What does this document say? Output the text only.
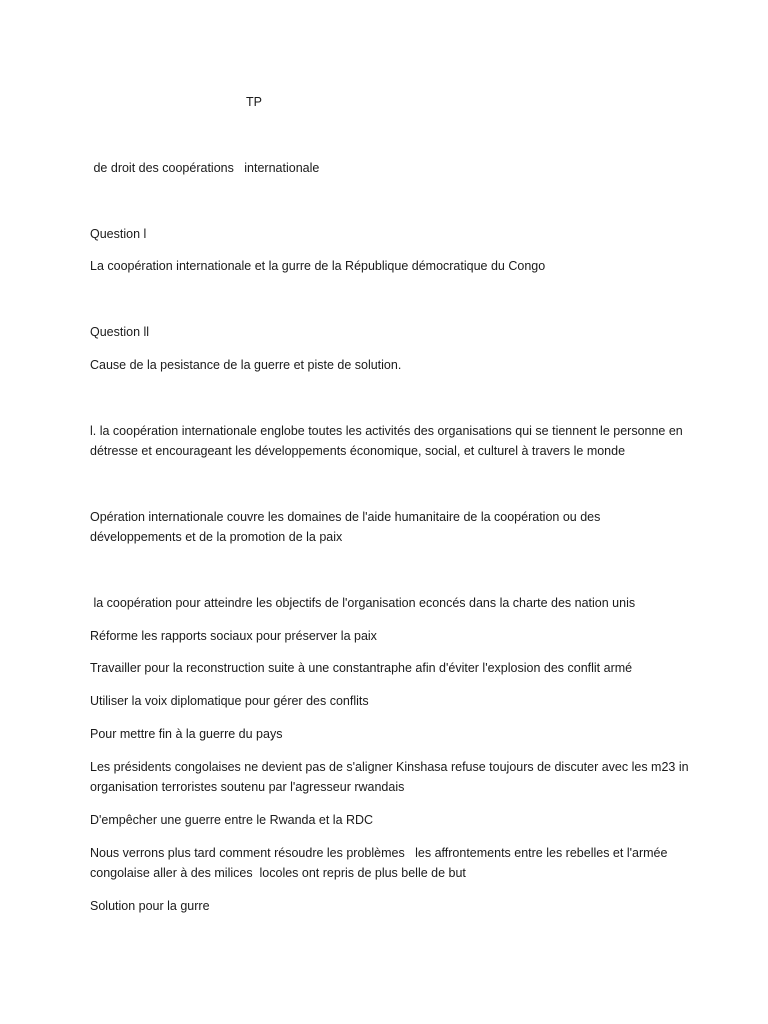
TP

de droit des coopérations   internationale

Question l

La coopération internationale et la gurre de la République démocratique du Congo

Question ll

Cause de la pesistance de la guerre et piste de solution.

l. la coopération internationale englobe toutes les activités des organisations qui se tiennent le personne en détresse et encourageant les développements économique, social, et culturel à travers le monde

Opération internationale couvre les domaines de l'aide humanitaire de la coopération ou des développements et de la promotion de la paix

la coopération pour atteindre les objectifs de l'organisation econcés dans la charte des nation unis

Réforme les rapports sociaux pour préserver la paix

Travailler pour la reconstruction suite à une constantraphe afin d'éviter l'explosion des conflit armé

Utiliser la voix diplomatique pour gérer des conflits

Pour mettre fin à la guerre du pays

Les présidents congolaises ne devient pas de s'aligner Kinshasa refuse toujours de discuter avec les m23 in organisation terroristes soutenu par l'agresseur rwandais

D'empêcher une guerre entre le Rwanda et la RDC

Nous verrons plus tard comment résoudre les problèmes   les affrontements entre les rebelles et l'armée congolaise aller à des milices  locoles ont repris de plus belle de but

Solution pour la gurre
